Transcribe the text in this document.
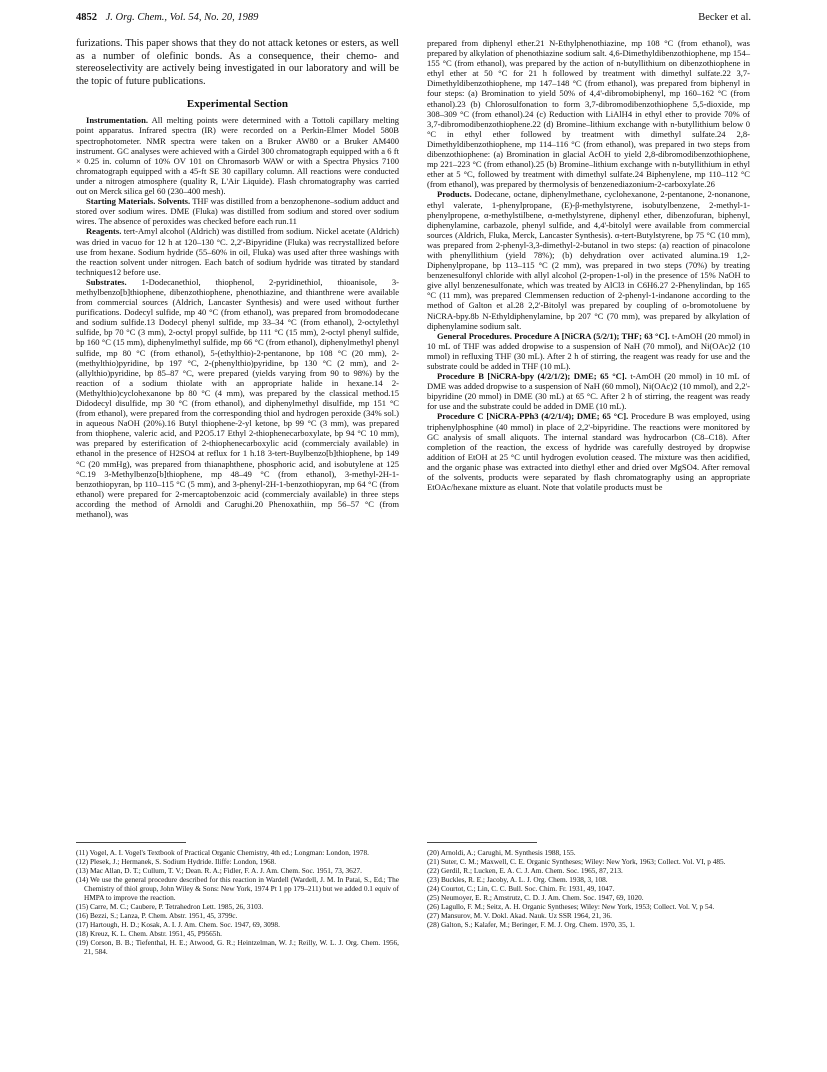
4852 J. Org. Chem., Vol. 54, No. 20, 1989	Becker et al.

furizations. This paper shows that they do not attack ketones or esters, as well as a number of olefinic bonds. As a consequence, their chemo- and stereoselectivity are actively being investigated in our laboratory and will be the topic of future publications.

Experimental Section

Instrumentation. All melting points were determined with a Tottoli capillary melting point apparatus. Infrared spectra (IR) were recorded on a Perkin-Elmer Model 580B spectrophotometer. NMR spectra were taken on a Bruker AW80 or a Bruker AM400 instrument. GC analyses were achieved with a Girdel 300 chromatograph equipped with a 6 ft × 0.25 in. column of 10% OV 101 on Chromasorb WAW or with a Spectra Physics 7100 chromatograph equipped with a 45-ft SE 30 capillary column. All reactions were conducted under a nitrogen atmosphere (quality R, L'Air Liquide). Flash chromatography was carried out on Merck silica gel 60 (230–400 mesh).

Starting Materials. Solvents. THF was distilled from a benzophenone–sodium adduct and stored over sodium wires. DME (Fluka) was distilled from sodium and stored over sodium wires. The absence of peroxides was checked before each run.11

Reagents. tert-Amyl alcohol (Aldrich) was distilled from sodium. Nickel acetate (Aldrich) was dried in vacuo for 12 h at 120–130 °C. 2,2'-Bipyridine (Fluka) was recrystallized before use from hexane. Sodium hydride (55–60% in oil, Fluka) was used after three washings with the reaction solvent under nitrogen. Each batch of sodium hydride was titrated by standard techniques12 before use.

Substrates. 1-Dodecanethiol, thiophenol, 2-pyridinethiol, thioanisole, 3-methylbenzo[b]thiophene, dibenzothiophene, phenothiazine, and thianthrene were available from commercial sources (Aldrich, Lancaster Synthesis) and were used without further purifications. Dodecyl sulfide, mp 40 °C (from ethanol), was prepared from bromododecane and sodium sulfide.13 Dodecyl phenyl sulfide, mp 33–34 °C (from ethanol), 2-octylethyl sulfide, bp 70 °C (3 mm), 2-octyl propyl sulfide, bp 111 °C (15 mm), 2-octyl phenyl sulfide, bp 160 °C (15 mm), diphenylmethyl sulfide, mp 66 °C (from ethanol), diphenylmethyl phenyl sulfide, mp 80 °C (from ethanol), 5-(ethylthio)-2-pentanone, bp 108 °C (20 mm), 2-(methylthio)pyridine, bp 197 °C, 2-(phenylthio)pyridine, bp 130 °C (2 mm), and 2-(allylthio)pyridine, bp 85–87 °C, were prepared (yields varying from 90 to 98%) by the reaction of a sodium thiolate with an appropriate halide in hexane.14 2-(Methylthio)cyclohexanone bp 80 °C (4 mm), was prepared by the classical method.15 Didodecyl disulfide, mp 30 °C (from ethanol), and diphenylmethyl disulfide, mp 151 °C (from ethanol), were prepared from the corresponding thiol and hydrogen peroxide (34% sol.) in aqueous NaOH (20%).16 Butyl thiophene-2-yl ketone, bp 99 °C (3 mm), was prepared from thiophene, valeric acid, and P2O5.17 Ethyl 2-thiophenecarboxylate, bp 94 °C 10 mm), was prepared by esterification of 2-thiophenecarboxylic acid (commercialy available) in ethanol in the presence of H2SO4 at reflux for 1 h.18 3-tert-Buylbenzo[b]thiophene, bp 149 °C (20 mmHg), was prepared from thianaphthene, phosphoric acid, and isobutylene at 125 °C.19 3-Methylbenzo[b]thiophene, mp 48–49 °C (from ethanol), 3-methyl-2H-1-benzothiopyran, bp 110–115 °C (5 mm), and 3-phenyl-2H-1-benzothiopyran, mp 64 °C (from ethanol) were prepared for 2-mercaptobenzoic acid (commercialy available) in three steps according the method of Arnoldi and Carughi.20 Phenoxathiin, mp 56–57 °C (from methanol), was

prepared from diphenyl ether.21 N-Ethylphenothiazine, mp 108 °C (from ethanol), was prepared by alkylation of phenothiazine sodium salt. 4,6-Dimethyldibenzothiophene, mp 154–155 °C (from ethanol), was prepared by the action of n-butyllithium on dibenzothiophene in ethyl ether at 50 °C for 21 h followed by treatment with dimethyl sulfate.22 3,7-Dimethyldibenzothiophene, mp 147–148 °C (from ethanol), was prepared from biphenyl in four steps: (a) Bromination to yield 50% of 4,4'-dibromobiphenyl, mp 160–162 °C (from ethanol).23 (b) Chlorosulfonation to form 3,7-dibromodibenzothiophene 5,5-dioxide, mp 308–309 °C (from ethanol).24 (c) Reduction with LiAlH4 in ethyl ether to provide 70% of 3,7-dibromodibenzothiophene.22 (d) Bromine–lithium exchange with n-butyllithium below 0 °C in ethyl ether followed by treatment with dimethyl sulfate.24 2,8-Dimethyldibenzothiophene, mp 114–116 °C (from ethanol), was prepared in two steps from dibenzothiophene: (a) Bromination in glacial AcOH to yield 2,8-dibromodibenzothiophene, mp 221–223 °C (from ethanol).25 (b) Bromine–lithium exchange with n-butyllithium in ethyl ether at 5 °C, followed by treatment with dimethyl sulfate.24 Biphenylene, mp 110–112 °C (from ethanol), was prepared by thermolysis of benzenediazonium-2-carboxylate.26

Products. Dodecane, octane, diphenylmethane, cyclohexanone, 2-pentanone, 2-nonanone, ethyl valerate, 1-phenylpropane, (E)-β-methylstyrene, isobutylbenzene, 2-methyl-1-phenylpropene, α-methylstilbene, α-methylstyrene, diphenyl ether, dibenzofuran, biphenyl, diphenylamine, carbazole, phenyl sulfide, and 4,4'-bitolyl were available from commercial sources (Aldrich, Fluka, Merck, Lancaster Synthesis). α-tert-Butylstyrene, bp 75 °C (10 mm), was prepared from 2-phenyl-3,3-dimethyl-2-butanol in two steps: (a) reaction of pinacolone with phenyllithium (yield 78%); (b) dehydration over activated alumina.19 1,2-Diphenylpropane, bp 113–115 °C (2 mm), was prepared in two steps (70%) by treating benzenesulfonyl chloride with allyl alcohol (2-propen-1-ol) in the presence of 15% NaOH to give allyl benzenesulfonate, which was treated by AlCl3 in C6H6.27 2-Phenylindan, bp 165 °C (11 mm), was prepared Clemmensen reduction of 2-phenyl-1-indanone according to the method of Galton et al.28 2,2'-Bitolyl was prepared by coupling of o-bromotoluene by NiCRA-bpy.8b N-Ethyldiphenylamine, bp 207 °C (70 mm), was prepared by alkylation of diphenylamine sodium salt.

General Procedures. Procedure A [NiCRA (5/2/1); THF; 63 °C]. t-AmOH (20 mmol) in 10 mL of THF was added dropwise to a suspension of NaH (70 mmol), and Ni(OAc)2 (10 mmol) in refluxing THF (30 mL). After 2 h of stirring, the reagent was ready for use and the substrate could be added in THF (10 mL).

Procedure B [NiCRA-bpy (4/2/1/2); DME; 65 °C]. t-AmOH (20 mmol) in 10 mL of DME was added dropwise to a suspension of NaH (60 mmol), Ni(OAc)2 (10 mmol), and 2,2'-bipyridine (20 mmol) in DME (30 mL) at 65 °C. After 2 h of stirring, the reagent was ready for use and the substrate could be added in DME (10 mL).

Procedure C [NiCRA-PPh3 (4/2/1/4); DME; 65 °C]. Procedure B was employed, using triphenylphosphine (40 mmol) in place of 2,2'-bipyridine. The reactions were monitored by GC analysis of small aliquots. The internal standard was hydrocarbon (C8–C18). After completion of the reaction, the excess of hydride was carefully destroyed by dropwise addition of EtOH at 25 °C until hydrogen evolution ceased. The mixture was then acidified, and the organic phase was extracted into diethyl ether and dried over MgSO4. After removal of the solvents, products were separated by flash chromatography using an appropriate EtOAc/hexane mixture as eluant. Note that volatile products must be

(11) Vogel, A. I. Vogel's Textbook of Practical Organic Chemistry, 4th ed.; Longman: London, 1978.
(12) Plesek, J.; Hermanek, S. Sodium Hydride. Iliffe: London, 1968.
(13) Mac Allan, D. T.; Cullum, T. V.; Dean. R. A.; Fidler, F. A. J. Am. Chem. Soc. 1951, 73, 3627.
(14) We use the general procedure described for this reaction in Wardell (Wardell, J. M. In Patai, S., Ed.; The Chemistry of thiol group, John Wiley & Sons: New York, 1974 Pt 1 pp 179–211) but we added 0.1 equiv of HMPA to improve the reaction.
(15) Carre, M. C.; Caubere, P. Tetrahedron Lett. 1985, 26, 3103.
(16) Bezzi, S.; Lanza, P. Chem. Abstr. 1951, 45, 3799c.
(17) Hartough, H. D.; Kosak, A. I. J. Am. Chem. Soc. 1947, 69, 3098.
(18) Kreuz, K. L. Chem. Abstr. 1951, 45, P9565h.
(19) Corson, B. B.; Tiefenthal, H. E.; Atwood, G. R.; Heintzelman, W. J.; Reilly, W. L. J. Org. Chem. 1956, 21, 584.
(20) Arnoldi, A.; Carughi, M. Synthesis 1988, 155.
(21) Suter, C. M.; Maxwell, C. E. Organic Syntheses; Wiley: New York, 1963; Collect. Vol. VI, p 485.
(22) Gerdil, R.; Lucken, E. A. C. J. Am. Chem. Soc. 1965, 87, 213.
(23) Buckles, R. E.; Jacoby, A. L. J. Org. Chem. 1938, 3, 108.
(24) Courtot, C.; Lin, C. C. Bull. Soc. Chim. Fr. 1931, 49, 1047.
(25) Neumoyer, E. R.; Amstrutz, C. D. J. Am. Chem. Soc. 1947, 69, 1020.
(26) Lagullo, F. M.; Seitz, A. H. Organic Syntheses; Wiley: New York, 1953; Collect. Vol. V, p 54.
(27) Mansurov, M. V. Dokl. Akad. Nauk. Uz SSR 1964, 21, 36.
(28) Galton, S.; Kalafer, M.; Beringer, F. M. J. Org. Chem. 1970, 35, 1.
